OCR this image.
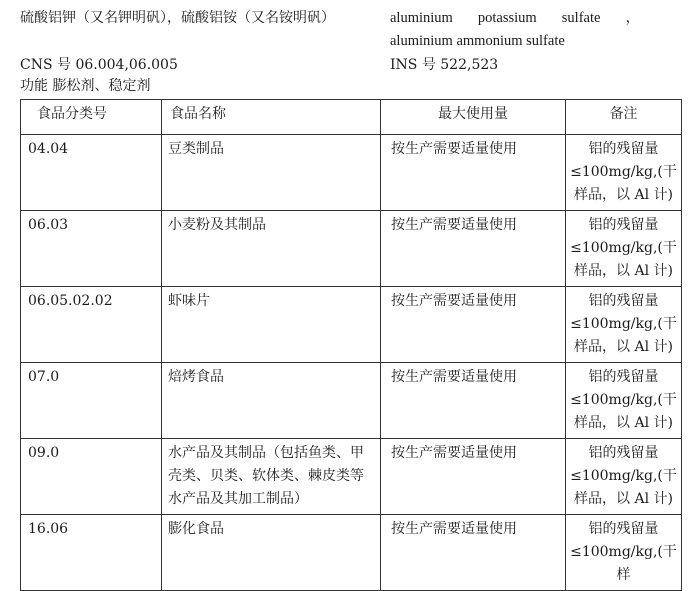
硫酸铝钾（又名钾明矾），硫酸铝铵（又名铵明矾）	aluminium potassium sulfate ，
aluminium ammonium sulfate
CNS 号 06.004,06.005	INS 号 522,523
功能 膨松剂、稳定剂
食品分类号	食品名称	最大使用量	备注
04.04	豆类制品	按生产需要适量使用	铝的残留量≤100mg/kg,(干样品，以 Al 计)
06.03	小麦粉及其制品	按生产需要适量使用	铝的残留量≤100mg/kg,(干样品，以 Al 计)
06.05.02.02	虾味片	按生产需要适量使用	铝的残留量≤100mg/kg,(干样品，以 Al 计)
07.0	焙烤食品	按生产需要适量使用	铝的残留量≤100mg/kg,(干样品，以 Al 计)
09.0	水产品及其制品（包括鱼类、甲壳类、贝类、软体类、棘皮类等水产品及其加工制品）	按生产需要适量使用	铝的残留量≤100mg/kg,(干样品，以 Al 计)
16.06	膨化食品	按生产需要适量使用	铝的残留量≤100mg/kg,(干样
